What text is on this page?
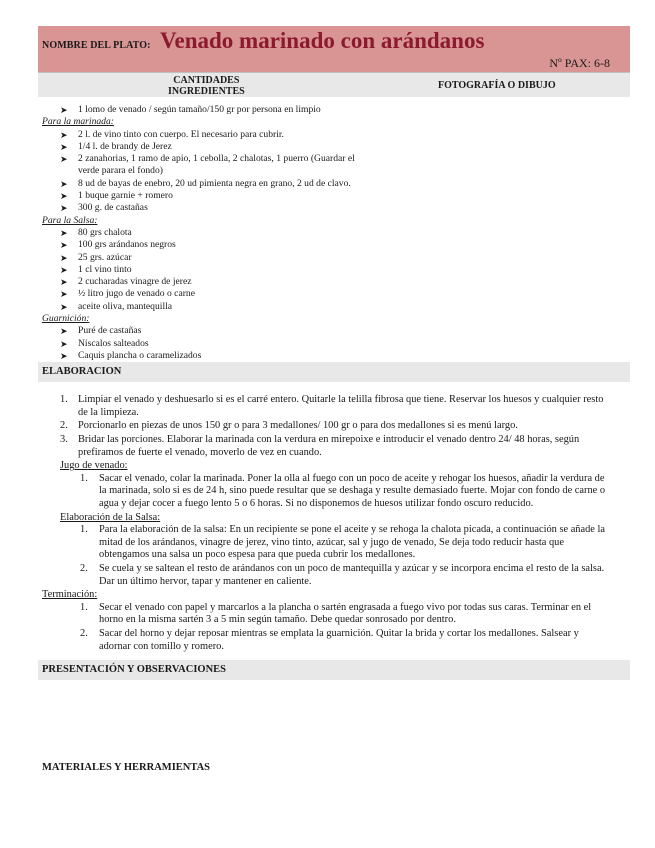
NOMBRE DEL PLATO: Venado marinado con arándanos
Nº PAX: 6-8
CANTIDADES
INGREDIENTES
FOTOGRAFÍA O DIBUJO
➤ 1 lomo de venado / según tamaño/150 gr por persona en limpio
Para la marinada:
➤ 2 l. de vino tinto con cuerpo. El necesario para cubrir.
➤ 1/4 l. de brandy de Jerez
➤ 2 zanahorias, 1 ramo de apio, 1 cebolla, 2 chalotas, 1 puerro (Guardar el verde parara el fondo)
➤ 8 ud de bayas de enebro, 20 ud pimienta negra en grano, 2 ud de clavo.
➤ 1 buque garnie + romero
➤ 300 g. de castañas
Para la Salsa:
➤ 80 grs chalota
➤ 100 grs arándanos negros
➤ 25 grs. azúcar
➤ 1 cl vino tinto
➤ 2 cucharadas vinagre de jerez
➤ ½ litro jugo de venado o carne
➤ aceite oliva, mantequilla
Guarnición:
➤ Puré de castañas
➤ Níscalos salteados
➤ Caquis plancha o caramelizados
ELABORACION
1. Limpiar el venado y deshuesarlo si es el carré entero. Quitarle la telilla fibrosa que tiene. Reservar los huesos y cualquier resto de la limpieza.
2. Porcionarlo en piezas de unos 150 gr o para 3 medallones/ 100 gr o para dos medallones si es menú largo.
3. Bridar las porciones. Elaborar la marinada con la verdura en mirepoixe e introducir el venado dentro 24/ 48 horas, según prefiramos de fuerte el venado, moverlo de vez en cuando.
Jugo de venado:
1. Sacar el venado, colar la marinada. Poner la olla al fuego con un poco de aceite y rehogar los huesos, añadir la verdura de la marinada, solo si es de 24 h, sino puede resultar que se deshaga y resulte demasiado fuerte. Mojar con fondo de carne o agua y dejar cocer a fuego lento 5 o 6 horas. Si no disponemos de huesos utilizar fondo oscuro reducido.
Elaboración de la Salsa:
1. Para la elaboración de la salsa: En un recipiente se pone el aceite y se rehoga la chalota picada, a continuación se añade la mitad de los arándanos, vinagre de jerez, vino tinto, azúcar, sal y jugo de venado, Se deja todo reducir hasta que obtengamos una salsa un poco espesa para que pueda cubrir los medallones.
2. Se cuela y se saltean el resto de arándanos con un poco de mantequilla y azúcar y se incorpora encima el resto de la salsa. Dar un último hervor, tapar y mantener en caliente.
Terminación:
1. Secar el venado con papel y marcarlos a la plancha o sartén engrasada a fuego vivo por todas sus caras. Terminar en el horno en la misma sartén 3 a 5 min según tamaño. Debe quedar sonrosado por dentro.
2. Sacar del horno y dejar reposar mientras se emplata la guarnición. Quitar la brida y cortar los medallones. Salsear y adornar con tomillo y romero.
PRESENTACIÓN Y OBSERVACIONES
MATERIALES Y HERRAMIENTAS
